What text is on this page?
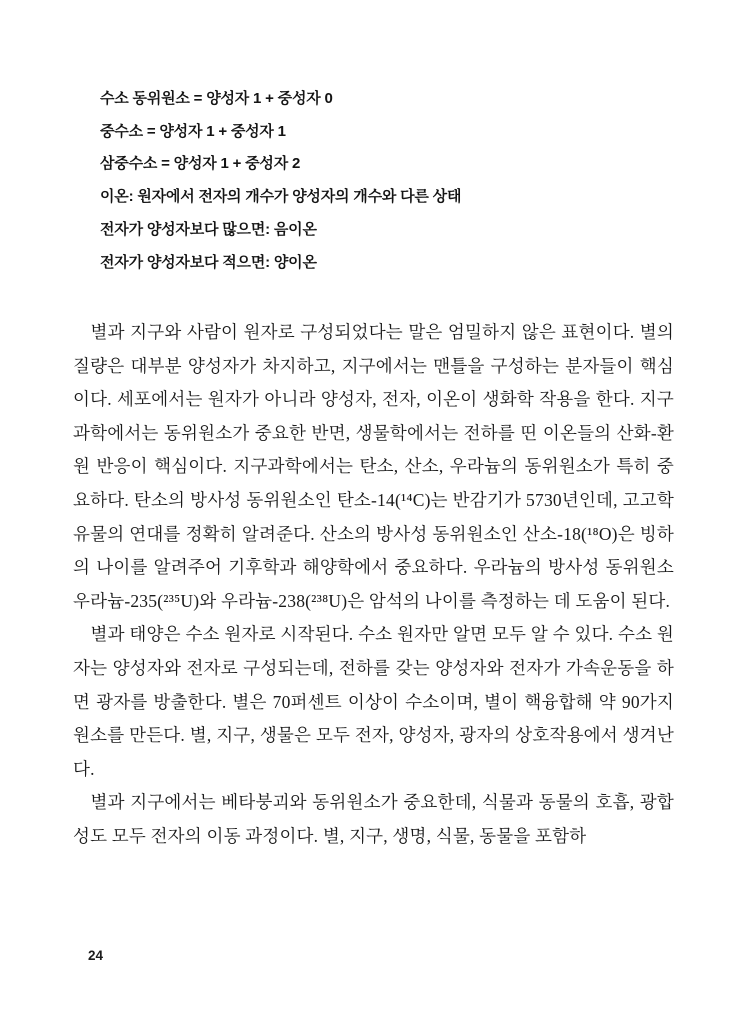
수소 동위원소 = 양성자 1 + 중성자 0

중수소 = 양성자 1 + 중성자 1

삼중수소 = 양성자 1 + 중성자 2

이온: 원자에서 전자의 개수가 양성자의 개수와 다른 상태

전자가 양성자보다 많으면: 음이온

전자가 양성자보다 적으면: 양이온

별과 지구와 사람이 원자로 구성되었다는 말은 엄밀하지 않은 표현이다. 별의 질량은 대부분 양성자가 차지하고, 지구에서는 맨틀을 구성하는 분자들이 핵심이다. 세포에서는 원자가 아니라 양성자, 전자, 이온이 생화학 작용을 한다. 지구과학에서는 동위원소가 중요한 반면, 생물학에서는 전하를 띤 이온들의 산화-환원 반응이 핵심이다. 지구과학에서는 탄소, 산소, 우라늄의 동위원소가 특히 중요하다. 탄소의 방사성 동위원소인 탄소-14(¹⁴C)는 반감기가 5730년인데, 고고학 유물의 연대를 정확히 알려준다. 산소의 방사성 동위원소인 산소-18(¹⁸O)은 빙하의 나이를 알려주어 기후학과 해양학에서 중요하다. 우라늄의 방사성 동위원소 우라늄-235(²³⁵U)와 우라늄-238(²³⁸U)은 암석의 나이를 측정하는 데 도움이 된다.

별과 태양은 수소 원자로 시작된다. 수소 원자만 알면 모두 알 수 있다. 수소 원자는 양성자와 전자로 구성되는데, 전하를 갖는 양성자와 전자가 가속운동을 하면 광자를 방출한다. 별은 70퍼센트 이상이 수소이며, 별이 핵융합해 약 90가지 원소를 만든다. 별, 지구, 생물은 모두 전자, 양성자, 광자의 상호작용에서 생겨난다.

별과 지구에서는 베타붕괴와 동위원소가 중요한데, 식물과 동물의 호흡, 광합성도 모두 전자의 이동 과정이다. 별, 지구, 생명, 식물, 동물을 포함하

24
